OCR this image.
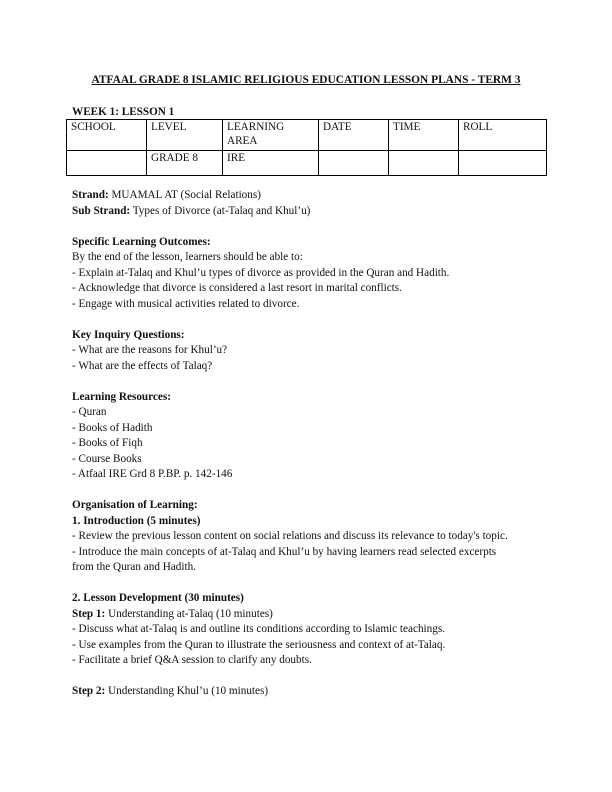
ATFAAL GRADE 8 ISLAMIC RELIGIOUS EDUCATION LESSON PLANS - TERM 3
WEEK 1: LESSON 1
SCHOOL	LEVEL	LEARNING AREA	DATE	TIME	ROLL
	GRADE 8	IRE			

Strand: MUAMAL AT (Social Relations)

Sub Strand: Types of Divorce (at-Talaq and Khul’u)

Specific Learning Outcomes:

By the end of the lesson, learners should be able to:

- Explain at-Talaq and Khul’u types of divorce as provided in the Quran and Hadith.

- Acknowledge that divorce is considered a last resort in marital conflicts.

- Engage with musical activities related to divorce.

Key Inquiry Questions:

- What are the reasons for Khul’u?

- What are the effects of Talaq?

Learning Resources:

- Quran

- Books of Hadith

- Books of Fiqh

- Course Books

- Atfaal IRE Grd 8 P.BP. p. 142-146

Organisation of Learning:

1. Introduction (5 minutes)

- Review the previous lesson content on social relations and discuss its relevance to today's topic.

- Introduce the main concepts of at-Talaq and Khul’u by having learners read selected excerpts

from the Quran and Hadith.

2. Lesson Development (30 minutes)

Step 1: Understanding at-Talaq (10 minutes)

- Discuss what at-Talaq is and outline its conditions according to Islamic teachings.

- Use examples from the Quran to illustrate the seriousness and context of at-Talaq.

- Facilitate a brief Q&A session to clarify any doubts.

Step 2: Understanding Khul’u (10 minutes)
